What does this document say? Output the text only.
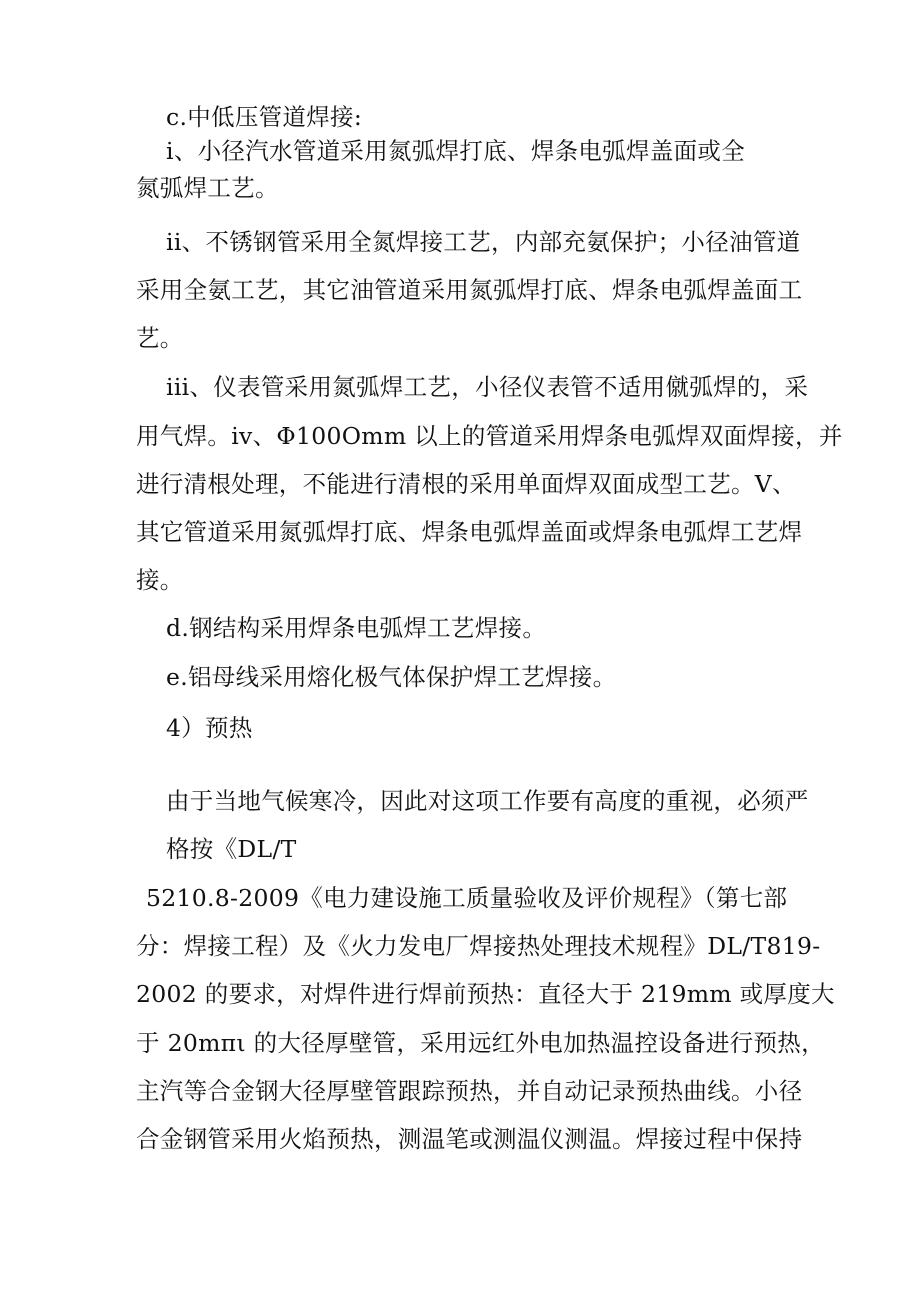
c.中低压管道焊接:
i、小径汽水管道采用氮弧焊打底、焊条电弧焊盖面或全
氮弧焊工艺。
ii、不锈钢管采用全氮焊接工艺，内部充氨保护；小径油管道
采用全氨工艺，其它油管道采用氮弧焊打底、焊条电弧焊盖面工
艺。
iii、仪表管采用氮弧焊工艺，小径仪表管不适用僦弧焊的，采
用气焊。iv、Φ100Omm 以上的管道采用焊条电弧焊双面焊接，并
进行清根处理，不能进行清根的采用单面焊双面成型工艺。V、
其它管道采用氮弧焊打底、焊条电弧焊盖面或焊条电弧焊工艺焊
接。
d.钢结构采用焊条电弧焊工艺焊接。
e.铝母线采用熔化极气体保护焊工艺焊接。
4）预热
由于当地气候寒冷，因此对这项工作要有高度的重视，必须严
格按《DL/T
5210.8-2009《电力建设施工质量验收及评价规程》（第七部
分：焊接工程）及《火力发电厂焊接热处理技术规程》DL/T819-
2002 的要求，对焊件进行焊前预热：直径大于 219mm 或厚度大
于 20mπι 的大径厚壁管，采用远红外电加热温控设备进行预热，
主汽等合金钢大径厚壁管跟踪预热，并自动记录预热曲线。小径
合金钢管采用火焰预热，测温笔或测温仪测温。焊接过程中保持
